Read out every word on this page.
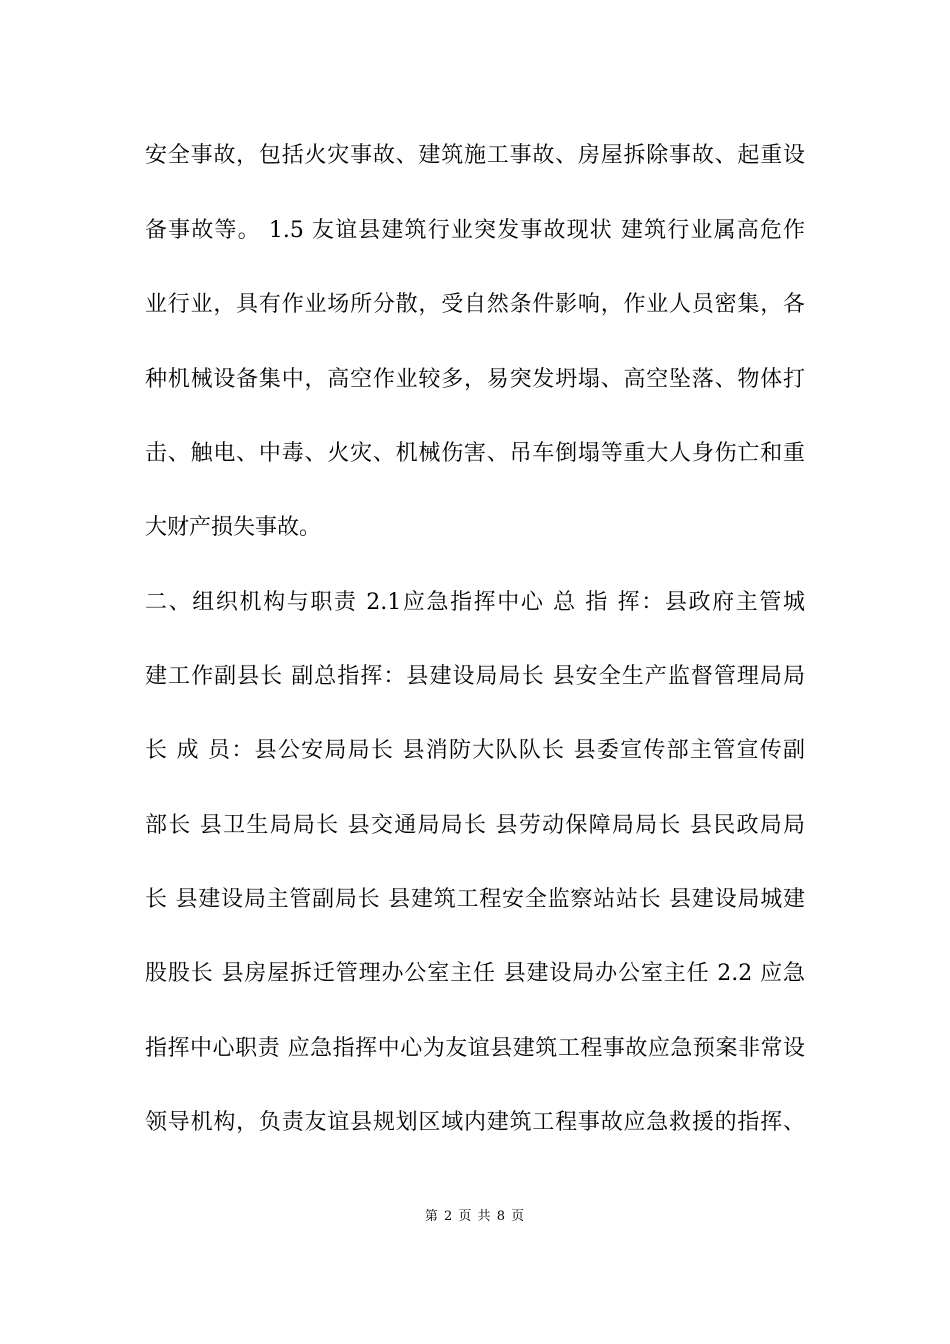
安全事故，包括火灾事故、建筑施工事故、房屋拆除事故、起重设
备事故等。 1.5 友谊县建筑行业突发事故现状 建筑行业属高危作
业行业，具有作业场所分散，受自然条件影响，作业人员密集，各
种机械设备集中，高空作业较多，易突发坍塌、高空坠落、物体打
击、触电、中毒、火灾、机械伤害、吊车倒塌等重大人身伤亡和重
大财产损失事故。
二、组织机构与职责 2.1应急指挥中心 总 指 挥：县政府主管城
建工作副县长 副总指挥：县建设局局长 县安全生产监督管理局局
长 成 员：县公安局局长 县消防大队队长 县委宣传部主管宣传副
部长 县卫生局局长 县交通局局长 县劳动保障局局长 县民政局局
长 县建设局主管副局长 县建筑工程安全监察站站长 县建设局城建
股股长 县房屋拆迁管理办公室主任 县建设局办公室主任 2.2 应急
指挥中心职责 应急指挥中心为友谊县建筑工程事故应急预案非常设
领导机构，负责友谊县规划区域内建筑工程事故应急救援的指挥、
第 2 页 共 8 页
